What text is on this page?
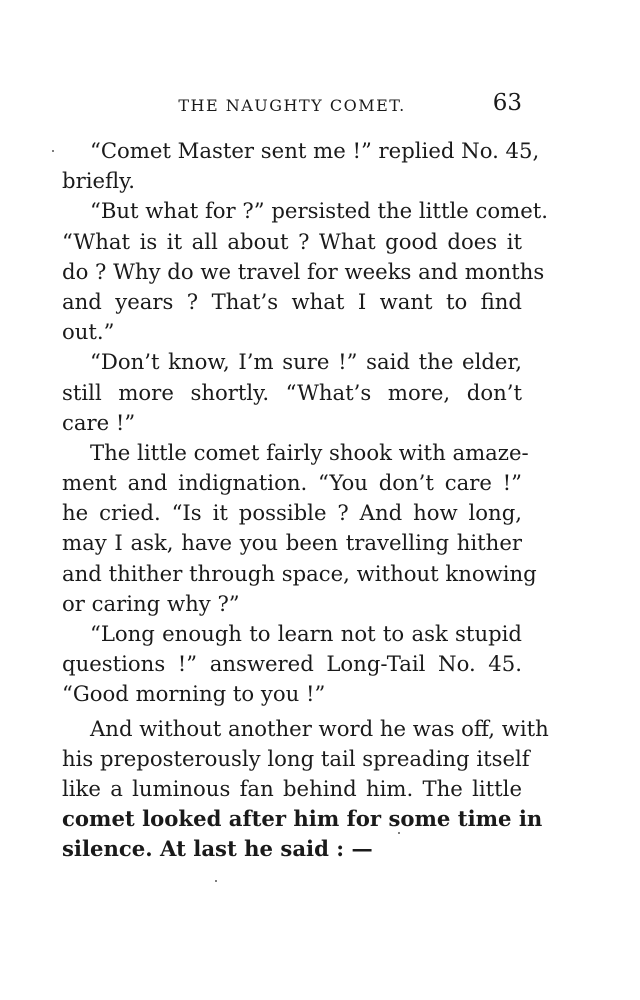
THE NAUGHTY COMET.	63
“Comet Master sent me !” replied No. 45,
briefly.
“But what for ?” persisted the little comet.
“What is it all about ? What good does it
do ? Why do we travel for weeks and months
and years ? That’s what I want to find
out.”
“Don’t know, I’m sure !” said the elder,
still more shortly. “What’s more, don’t
care !”
The little comet fairly shook with amaze-
ment and indignation. “You don’t care !”
he cried. “Is it possible ? And how long,
may I ask, have you been travelling hither
and thither through space, without knowing
or caring why ?”
“Long enough to learn not to ask stupid
questions !” answered Long-Tail No. 45.
“Good morning to you !”
And without another word he was off, with
his preposterously long tail spreading itself
like a luminous fan behind him. The little
comet looked after him for some time in
silence. At last he said : —
